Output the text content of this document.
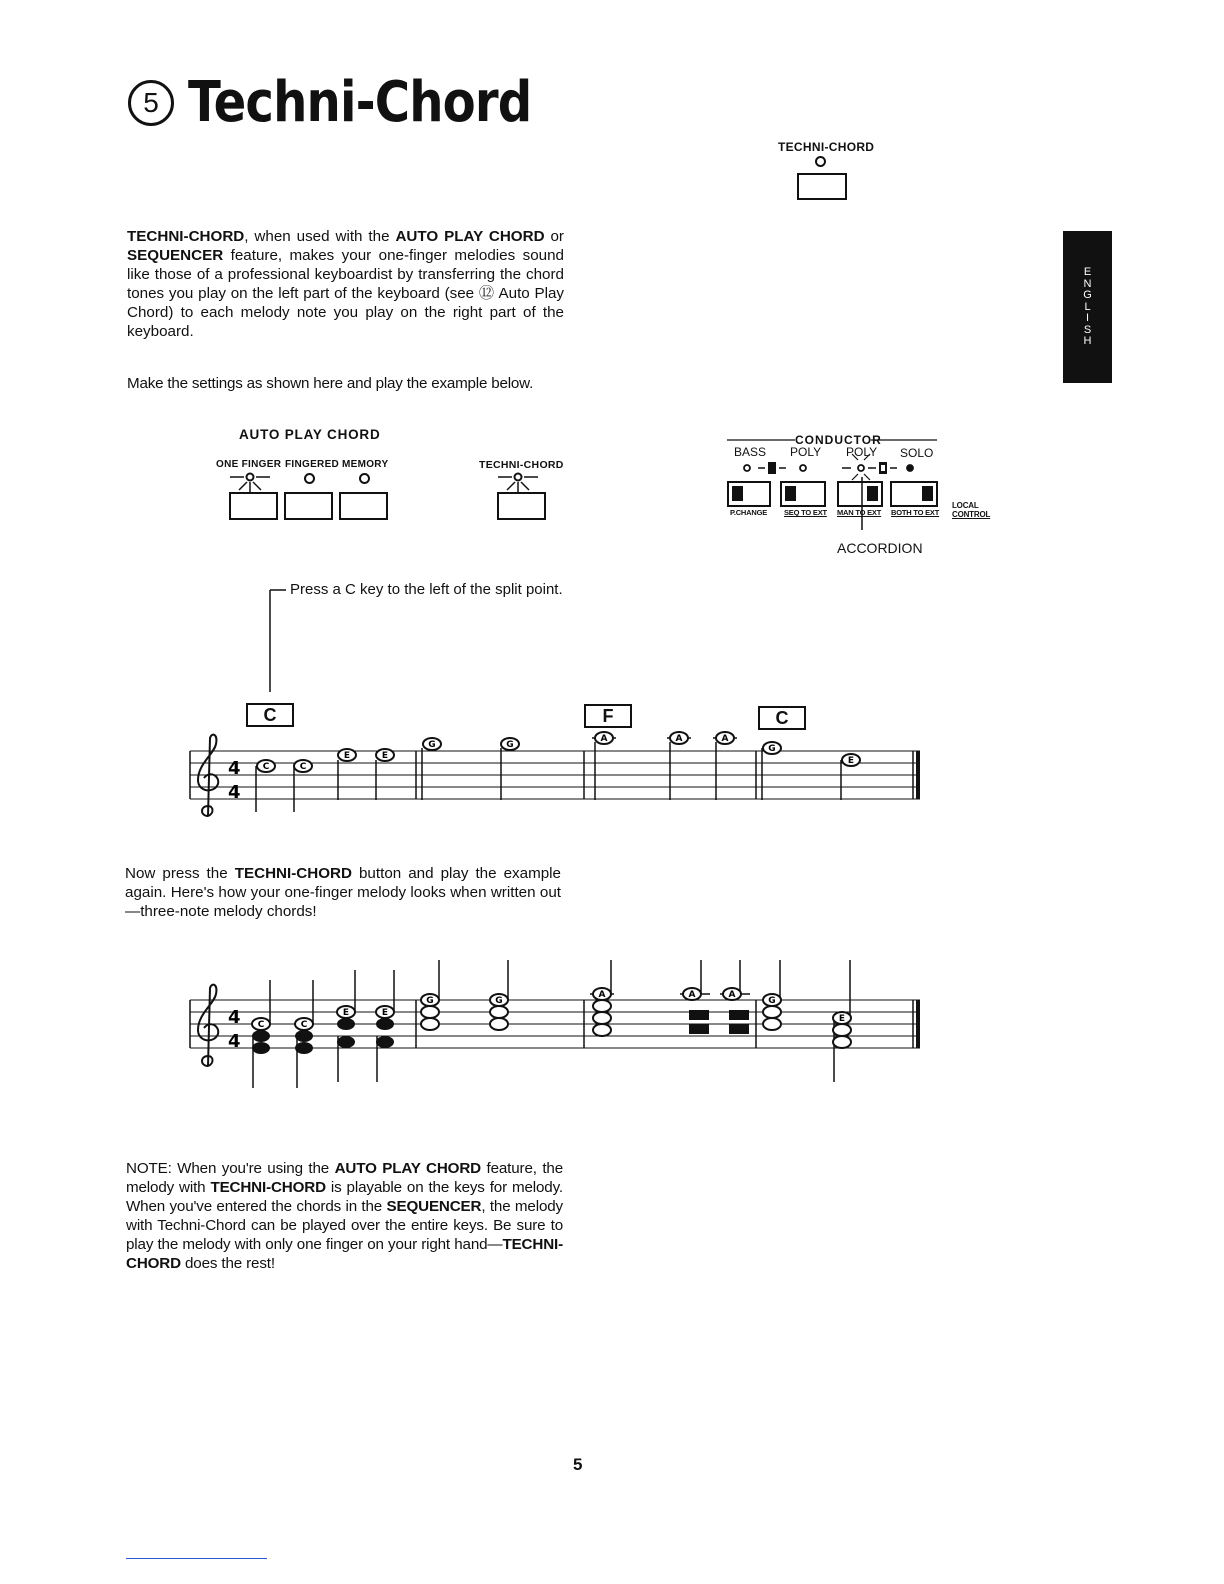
5 Techni-Chord
TECHNI-CHORD
E
N
G
L
I
S
H
TECHNI-CHORD, when used with the AUTO PLAY CHORD or SEQUENCER feature, makes your one-finger melodies sound like those of a professional keyboardist by transferring the chord tones you play on the left part of the keyboard (see ⑫ Auto Play Chord) to each melody note you play on the right part of the keyboard.
Make the settings as shown here and play the example below.
AUTO PLAY CHORD
ONE FINGER FINGERED MEMORY	TECHNI-CHORD
CONDUCTOR
BASS POLY POLY SOLO
P.CHANGE SEQ TO EXT MAN TO EXT BOTH TO EXT
LOCAL
CONTROL
ACCORDION
Press a C key to the left of the split point.
C	F	C
4
4
C	C
E	E
G	G
A	A	A
G
E
Now press the TECHNI-CHORD button and play the example again. Here's how your one-finger melody looks when written out—three-note melody chords!
4
4
C	C
E	E
G	G
A	A	A
G
E
NOTE: When you're using the AUTO PLAY CHORD feature, the melody with TECHNI-CHORD is playable on the keys for melody. When you've entered the chords in the SEQUENCER, the melody with Techni-Chord can be played over the entire keys. Be sure to play the melody with only one finger on your right hand—TECHNI-CHORD does the rest!
5
